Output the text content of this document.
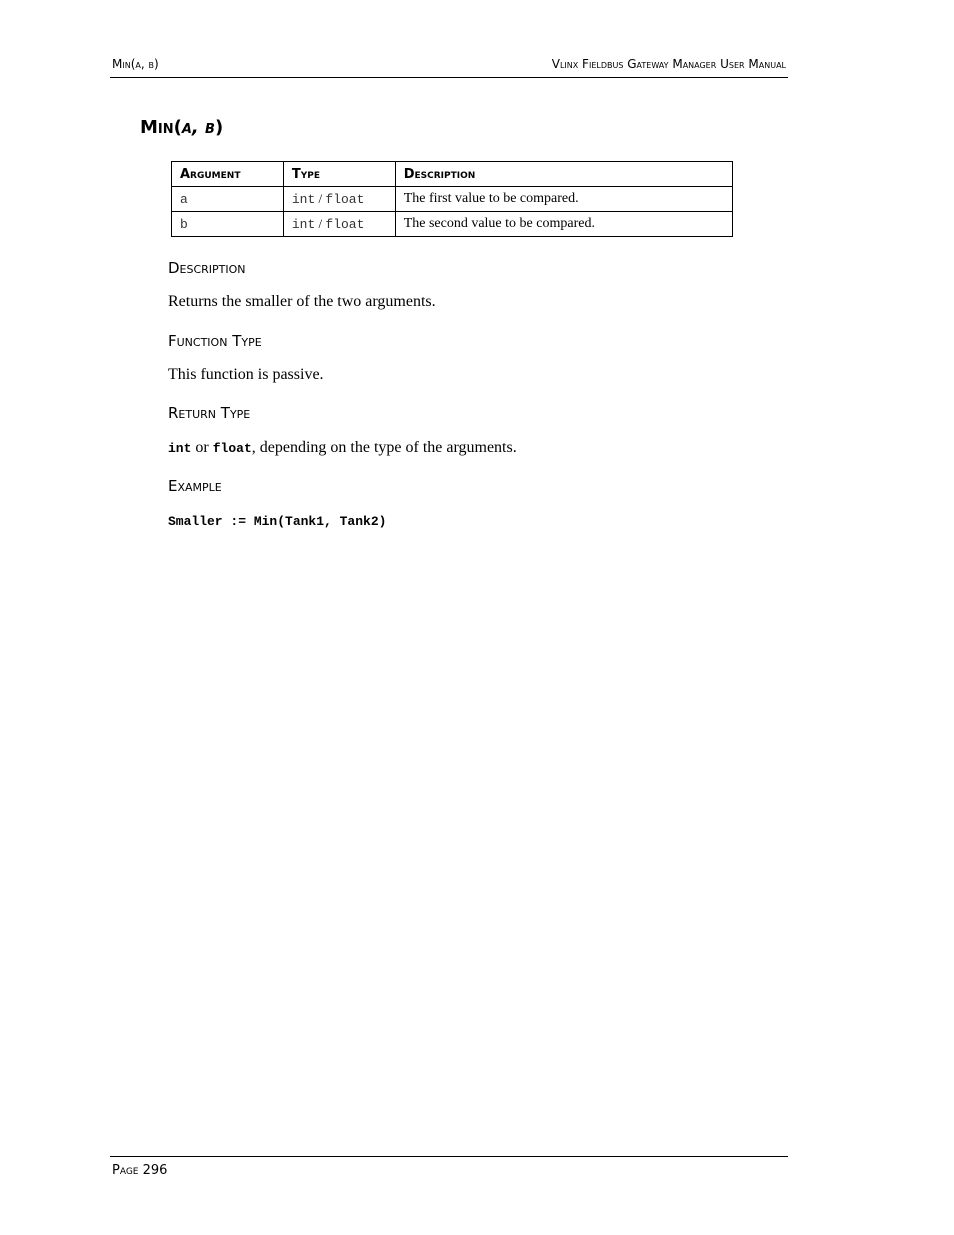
Min(a, b)	Vlinx Fieldbus Gateway Manager User Manual
Min(a, b)
Argument	Type	Description
a	int / float	The first value to be compared.
b	int / float	The second value to be compared.
Description
Returns the smaller of the two arguments.
Function Type
This function is passive.
Return Type
int or float, depending on the type of the arguments.
Example
Smaller := Min(Tank1, Tank2)
Page 296
